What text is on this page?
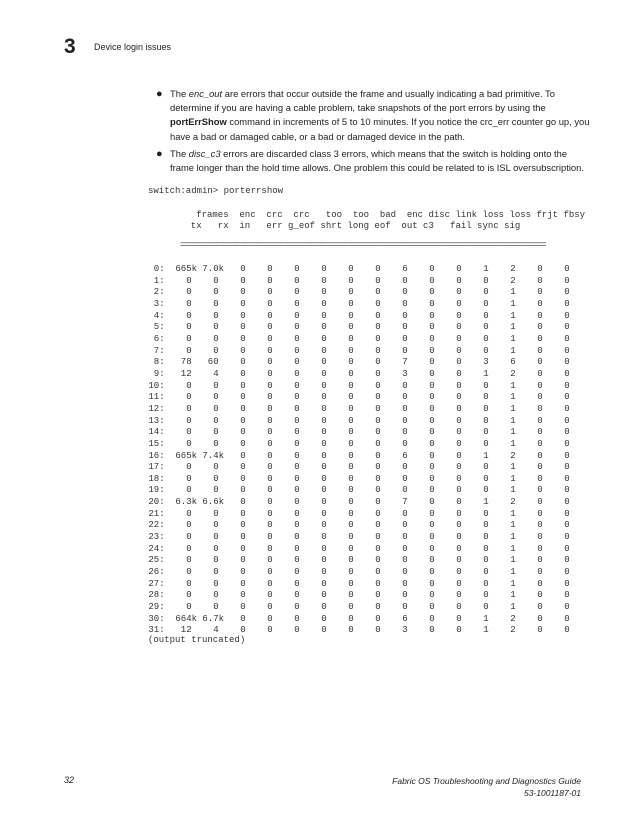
3 Device login issues
● The enc_out are errors that occur outside the frame and usually indicating a bad primitive. To determine if you are having a cable problem, take snapshots of the port errors by using the portErrShow command in increments of 5 to 10 minutes. If you notice the crc_err counter go up, you have a bad or damaged cable, or a bad or damaged device in the path.
● The disc_c3 errors are discarded class 3 errors, which means that the switch is holding onto the frame longer than the hold time allows. One problem this could be related to is ISL oversubscription.
switch:admin> porterrshow
frames  enc  crc  crc   too  too  bad  enc disc link loss loss frjt fbsy
tx   rx  in   err g_eof shrt long eof  out c3   fail sync sig
=====================================================================================
0:  665k 7.0k   0    0    0    0    0    0    6    0    0    1    2    0    0
1:    0    0    0    0    0    0    0    0    0    0    0    0    2    0    0
2:    0    0    0    0    0    0    0    0    0    0    0    0    1    0    0
3:    0    0    0    0    0    0    0    0    0    0    0    0    1    0    0
4:    0    0    0    0    0    0    0    0    0    0    0    0    1    0    0
5:    0    0    0    0    0    0    0    0    0    0    0    0    1    0    0
6:    0    0    0    0    0    0    0    0    0    0    0    0    1    0    0
7:    0    0    0    0    0    0    0    0    0    0    0    0    1    0    0
8:   78   60    0    0    0    0    0    0    7    0    0    3    6    0    0
9:   12    4    0    0    0    0    0    0    3    0    0    1    2    0    0
10:    0    0    0    0    0    0    0    0    0    0    0    0    1    0    0
11:    0    0    0    0    0    0    0    0    0    0    0    0    1    0    0
12:    0    0    0    0    0    0    0    0    0    0    0    0    1    0    0
13:    0    0    0    0    0    0    0    0    0    0    0    0    1    0    0
14:    0    0    0    0    0    0    0    0    0    0    0    0    1    0    0
15:    0    0    0    0    0    0    0    0    0    0    0    0    1    0    0
16:  665k 7.4k   0    0    0    0    0    0    6    0    0    1    2    0    0
17:    0    0    0    0    0    0    0    0    0    0    0    0    1    0    0
18:    0    0    0    0    0    0    0    0    0    0    0    0    1    0    0
19:    0    0    0    0    0    0    0    0    0    0    0    0    1    0    0
20:  6.3k 6.6k   0    0    0    0    0    0    7    0    0    1    2    0    0
21:    0    0    0    0    0    0    0    0    0    0    0    0    1    0    0
22:    0    0    0    0    0    0    0    0    0    0    0    0    1    0    0
23:    0    0    0    0    0    0    0    0    0    0    0    0    1    0    0
24:    0    0    0    0    0    0    0    0    0    0    0    0    1    0    0
25:    0    0    0    0    0    0    0    0    0    0    0    0    1    0    0
26:    0    0    0    0    0    0    0    0    0    0    0    0    1    0    0
27:    0    0    0    0    0    0    0    0    0    0    0    0    1    0    0
28:    0    0    0    0    0    0    0    0    0    0    0    0    1    0    0
29:    0    0    0    0    0    0    0    0    0    0    0    0    1    0    0
30:  664k 6.7k   0    0    0    0    0    0    6    0    0    1    2    0    0
31:   12    4    0    0    0    0    0    0    3    0    0    1    2    0    0
(output truncated)
32	Fabric OS Troubleshooting and Diagnostics Guide
53-1001187-01
